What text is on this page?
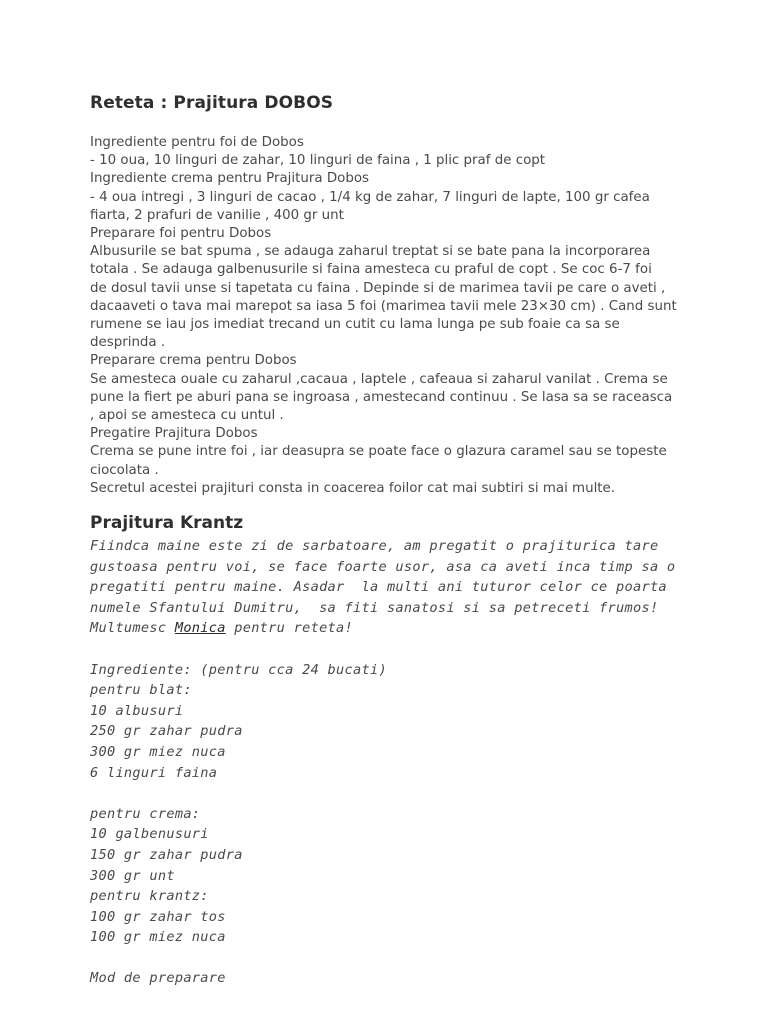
Reteta : Prajitura DOBOS
Ingrediente pentru foi de Dobos
- 10 oua, 10 linguri de zahar, 10 linguri de faina , 1 plic praf de copt
Ingrediente crema pentru Prajitura Dobos
- 4 oua intregi , 3 linguri de cacao , 1/4 kg de zahar, 7 linguri de lapte, 100 gr cafea
fiarta, 2 prafuri de vanilie , 400 gr unt
Preparare foi pentru Dobos
Albusurile se bat spuma , se adauga zaharul treptat si se bate pana la incorporarea
totala . Se adauga galbenusurile si faina amesteca cu praful de copt . Se coc 6-7 foi
de dosul tavii unse si tapetata cu faina . Depinde si de marimea tavii pe care o aveti ,
dacaaveti o tava mai marepot sa iasa 5 foi (marimea tavii mele 23×30 cm) . Cand sunt
rumene se iau jos imediat trecand un cutit cu lama lunga pe sub foaie ca sa se
desprinda .
Preparare crema pentru Dobos
Se amesteca ouale cu zaharul ,cacaua , laptele , cafeaua si zaharul vanilat . Crema se
pune la fiert pe aburi pana se ingroasa , amestecand continuu . Se lasa sa se raceasca
, apoi se amesteca cu untul .
Pregatire Prajitura Dobos
Crema se pune intre foi , iar deasupra se poate face o glazura caramel sau se topeste
ciocolata .
Secretul acestei prajituri consta in coacerea foilor cat mai subtiri si mai multe.
Prajitura Krantz
Fiindca maine este zi de sarbatoare, am pregatit o prajiturica tare
gustoasa pentru voi, se face foarte usor, asa ca aveti inca timp sa o
pregatiti pentru maine. Asadar  la multi ani tuturor celor ce poarta
numele Sfantului Dumitru,  sa fiti sanatosi si sa petreceti frumos!
Multumesc Monica pentru reteta!
Ingrediente: (pentru cca 24 bucati)
pentru blat:
10 albusuri
250 gr zahar pudra
300 gr miez nuca
6 linguri faina
pentru crema:
10 galbenusuri
150 gr zahar pudra
300 gr unt
pentru krantz:
100 gr zahar tos
100 gr miez nuca
Mod de preparare
